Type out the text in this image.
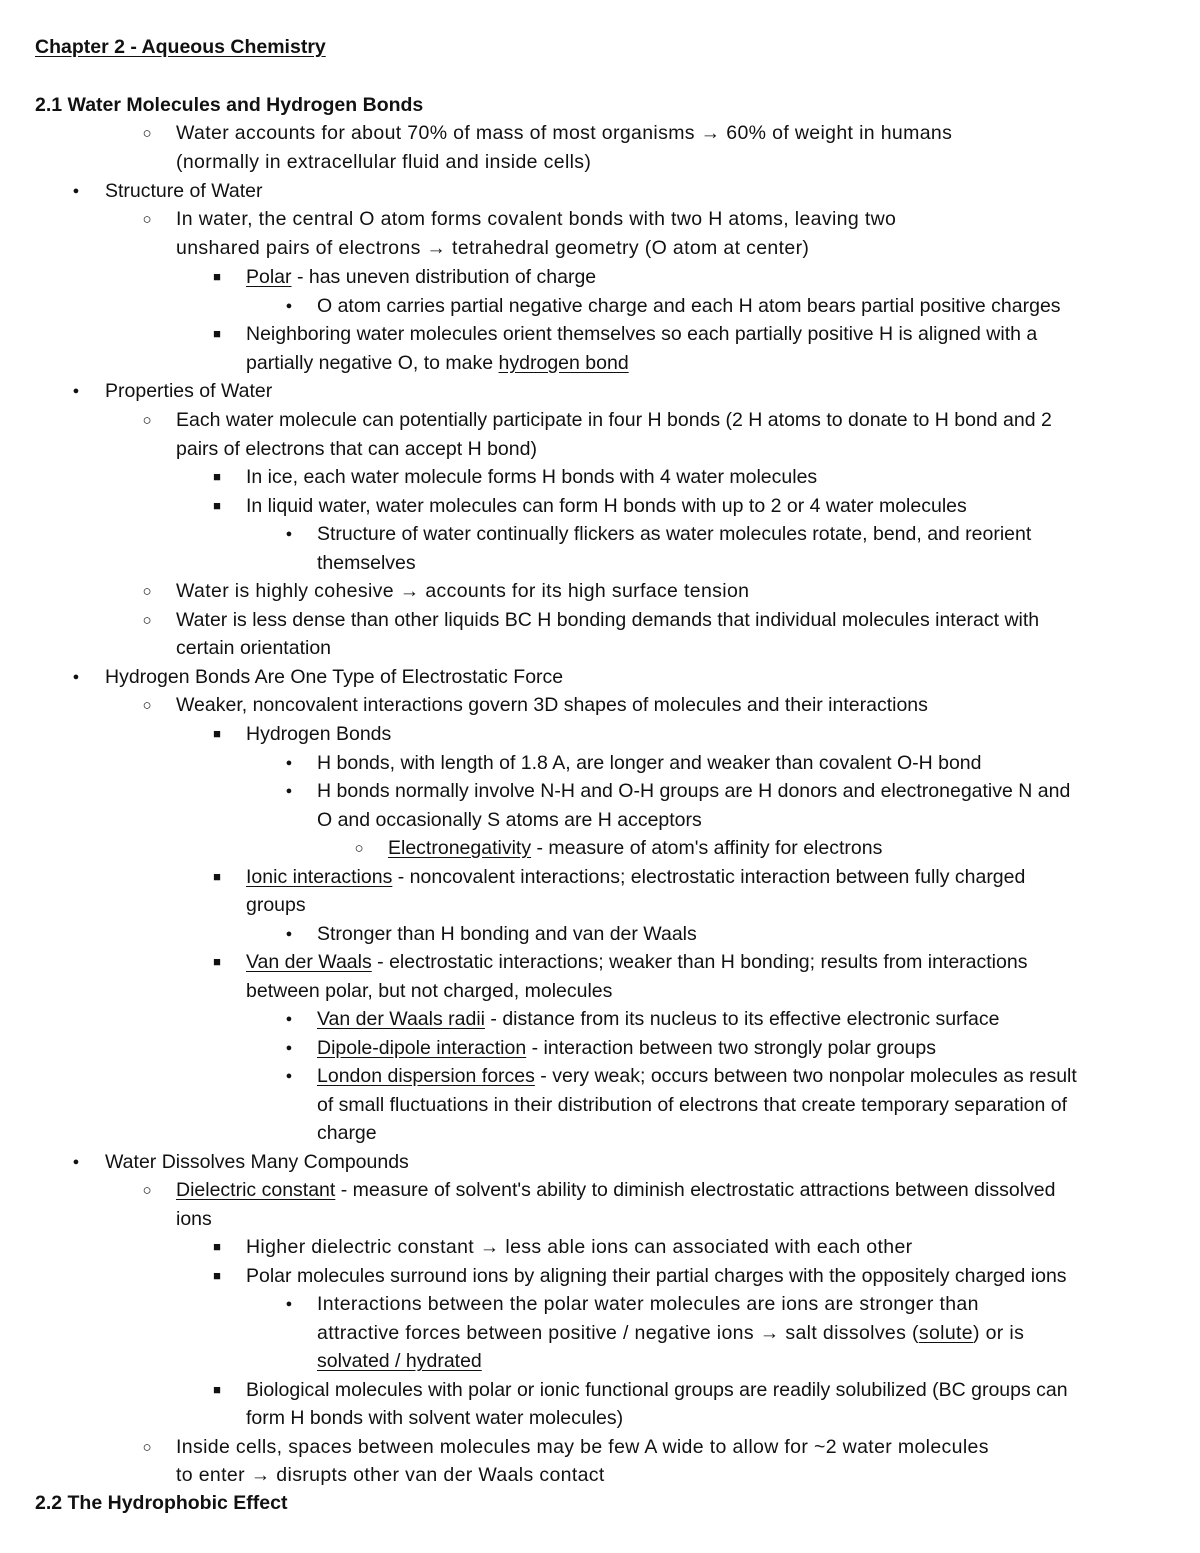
Chapter 2 - Aqueous Chemistry
2.1 Water Molecules and Hydrogen Bonds
○
Water accounts for about 70% of mass of most organisms → 60% of weight in humans
(normally in extracellular fluid and inside cells)
●
Structure of Water
○
In water, the central O atom forms covalent bonds with two H atoms, leaving two
unshared pairs of electrons → tetrahedral geometry (O atom at center)
■
Polar - has uneven distribution of charge
●
O atom carries partial negative charge and each H atom bears partial positive charges
■
Neighboring water molecules orient themselves so each partially positive H is aligned with a
partially negative O, to make hydrogen bond
●
Properties of Water
○
Each water molecule can potentially participate in four H bonds (2 H atoms to donate to H bond and 2
pairs of electrons that can accept H bond)
■
In ice, each water molecule forms H bonds with 4 water molecules
■
In liquid water, water molecules can form H bonds with up to 2 or 4 water molecules
●
Structure of water continually flickers as water molecules rotate, bend, and reorient
themselves
○
Water is highly cohesive → accounts for its high surface tension
○
Water is less dense than other liquids BC H bonding demands that individual molecules interact with
certain orientation
●
Hydrogen Bonds Are One Type of Electrostatic Force
○
Weaker, noncovalent interactions govern 3D shapes of molecules and their interactions
■
Hydrogen Bonds
●
H bonds, with length of 1.8 A, are longer and weaker than covalent O-H bond
●
H bonds normally involve N-H and O-H groups are H donors and electronegative N and
O and occasionally S atoms are H acceptors
○
Electronegativity - measure of atom's affinity for electrons
■
Ionic interactions - noncovalent interactions; electrostatic interaction between fully charged
groups
●
Stronger than H bonding and van der Waals
■
Van der Waals - electrostatic interactions; weaker than H bonding; results from interactions
between polar, but not charged, molecules
●
Van der Waals radii - distance from its nucleus to its effective electronic surface
●
Dipole-dipole interaction - interaction between two strongly polar groups
●
London dispersion forces - very weak; occurs between two nonpolar molecules as result
of small fluctuations in their distribution of electrons that create temporary separation of
charge
●
Water Dissolves Many Compounds
○
Dielectric constant - measure of solvent's ability to diminish electrostatic attractions between dissolved
ions
■
Higher dielectric constant → less able ions can associated with each other
■
Polar molecules surround ions by aligning their partial charges with the oppositely charged ions
●
Interactions between the polar water molecules are ions are stronger than
attractive forces between positive / negative ions → salt dissolves (solute) or is
solvated / hydrated
■
Biological molecules with polar or ionic functional groups are readily solubilized (BC groups can
form H bonds with solvent water molecules)
○
Inside cells, spaces between molecules may be few A wide to allow for ~2 water molecules
to enter → disrupts other van der Waals contact
2.2 The Hydrophobic Effect
